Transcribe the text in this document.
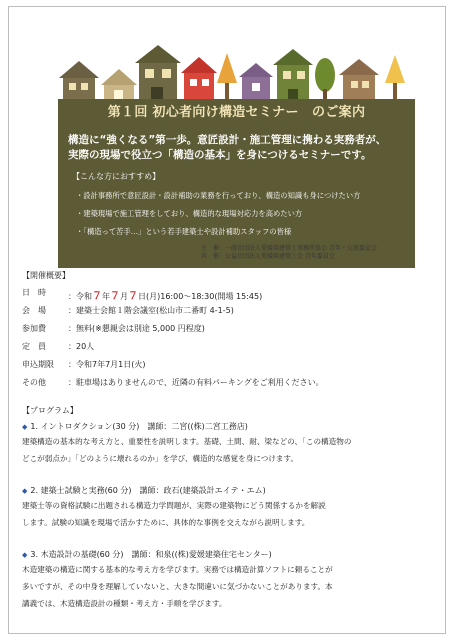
第１回 初心者向け構造セミナー　のご案内
構造に“強くなる”第一歩。意匠設計・施工管理に携わる実務者が、
実際の現場で役立つ「構造の基本」を身につけるセミナーです。
【こんな方におすすめ】
・設計事務所で意匠設計・設計補助の業務を行っており、構造の知識も身につけたい方
・建築現場で施工管理をしており、構造的な現場対応力を高めたい方
・「構造って苦手…」という若手建築士や設計補助スタッフの皆様
主　催：一般社団法人愛媛県建築士事務所協会 青年・交流委員会
共　催：公益社団法人愛媛県建築士会 青年委員会
【開催概要】
日　時	：令和７年７月７日(月)16:00～18:30(開場 15:45)
会　場	：建築士会館１階会議室(松山市二番町 4-1-5)
参加費	：無料(※懇親会は別途 5,000 円程度)
定　員	：20人
申込期限	：令和7年7月1日(火)
その他	：駐車場はありませんので、近隣の有料パーキングをご利用ください。
【プログラム】
◆ 1. イントロダクション(30 分)　講師：二宮((株)二宮工務店)
建築構造の基本的な考え方と、重要性を説明します。基礎、土間、耐、梁などの、「この構造物の
どこが弱点か」「どのように壊れるのか」を学び、構造的な感覚を身につけます。
◆ 2. 建築士試験と実務(60 分)　講師：政石(建築設計エイテ・エム)
建築士等の資格試験に出題される構造力学問題が、実際の建築物にどう関係するかを解説
します。試験の知識を現場で活かすために、具体的な事例を交えながら説明します。
◆ 3. 木造設計の基礎(60 分)　講師：和泉((株)愛媛建築住宅センター)
木造建築の構造に関する基本的な考え方を学びます。実務では構造計算ソフトに頼ることが
多いですが、その中身を理解していないと、大きな間違いに気づかないことがあります。本
講義では、木造構造設計の種類・考え方・手順を学びます。
